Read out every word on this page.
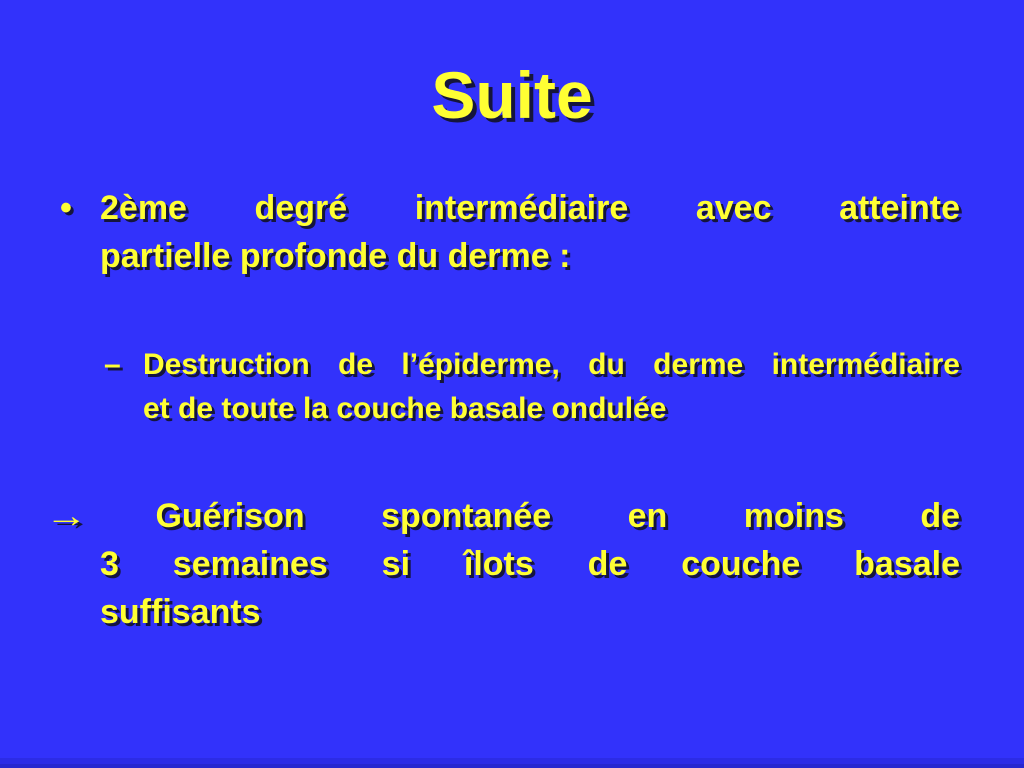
Suite
• 2ème degré intermédiaire avec atteinte
partielle profonde du derme :
– Destruction de l’épiderme, du derme intermédiaire
et de toute la couche basale ondulée
→ Guérison spontanée en moins de
3 semaines si îlots de couche basale
suffisants
